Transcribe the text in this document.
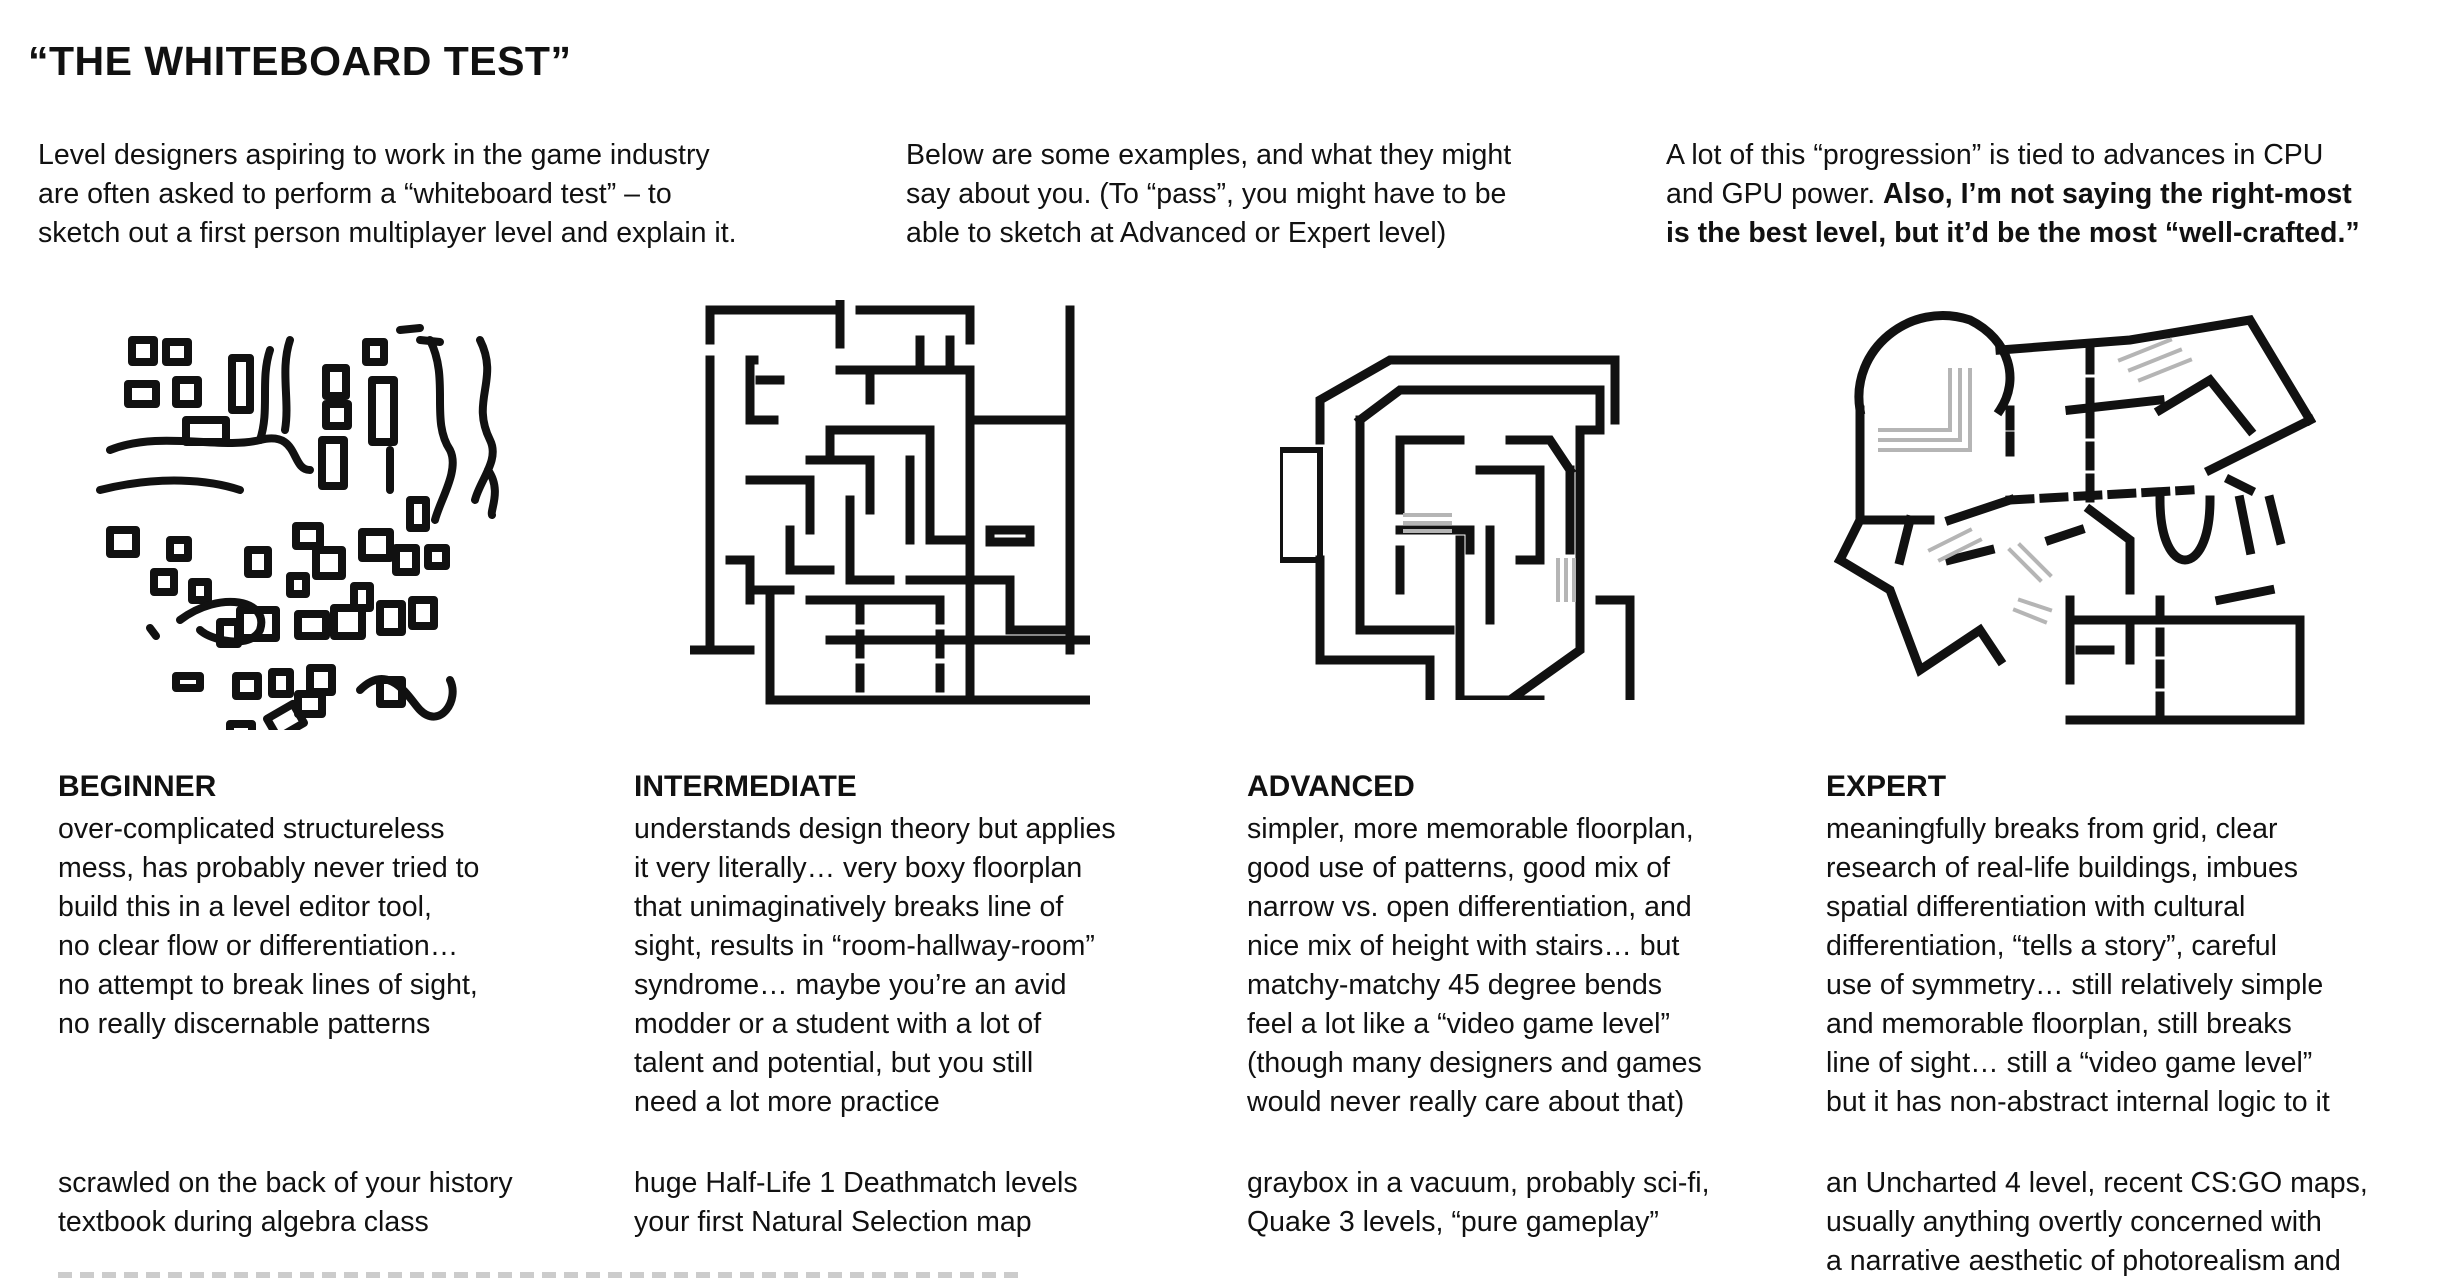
“THE WHITEBOARD TEST”
Level designers aspiring to work in the game industry
are often asked to perform a “whiteboard test” – to
sketch out a first person multiplayer level and explain it.
Below are some examples, and what they might
say about you. (To “pass”, you might have to be
able to sketch at Advanced or Expert level)
A lot of this “progression” is tied to advances in CPU
and GPU power. Also, I’m not saying the right-most
is the best level, but it’d be the most “well-crafted.”
BEGINNER
over-complicated structureless
mess, has probably never tried to
build this in a level editor tool,
no clear flow or differentiation…
no attempt to break lines of sight,
no really discernable patterns
scrawled on the back of your history
textbook during algebra class
INTERMEDIATE
understands design theory but applies
it very literally… very boxy floorplan
that unimaginatively breaks line of
sight, results in “room-hallway-room”
syndrome… maybe you’re an avid
modder or a student with a lot of
talent and potential, but you still
need a lot more practice
huge Half-Life 1 Deathmatch levels
your first Natural Selection map
ADVANCED
simpler, more memorable floorplan,
good use of patterns, good mix of
narrow vs. open differentiation, and
nice mix of height with stairs… but
matchy-matchy 45 degree bends
feel a lot like a “video game level”
(though many designers and games
would never really care about that)
graybox in a vacuum, probably sci-fi,
Quake 3 levels, “pure gameplay”
EXPERT
meaningfully breaks from grid, clear
research of real-life buildings, imbues
spatial differentiation with cultural
differentiation, “tells a story”, careful
use of symmetry… still relatively simple
and memorable floorplan, still breaks
line of sight… still a “video game level”
but it has non-abstract internal logic to it
an Uncharted 4 level, recent CS:GO maps,
usually anything overtly concerned with
a narrative aesthetic of photorealism and
